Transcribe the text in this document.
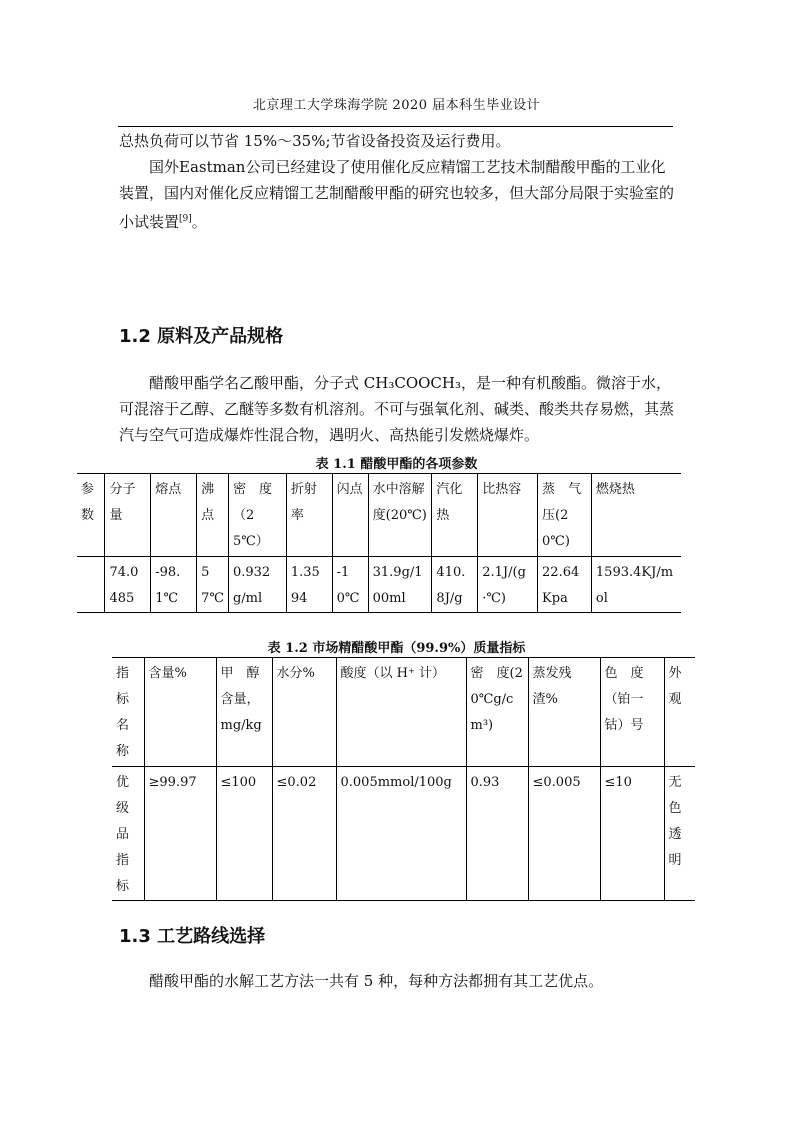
北京理工大学珠海学院 2020 届本科生毕业设计

总热负荷可以节省 15%～35%;节省设备投资及运行费用。

国外Eastman公司已经建设了使用催化反应精馏工艺技术制醋酸甲酯的工业化装置，国内对催化反应精馏工艺制醋酸甲酯的研究也较多，但大部分局限于实验室的小试装置[9]。

1.2 原料及产品规格

醋酸甲酯学名乙酸甲酯，分子式 CH₃COOCH₃，是一种有机酸酯。微溶于水，可混溶于乙醇、乙醚等多数有机溶剂。不可与强氧化剂、碱类、酸类共存易燃，其蒸汽与空气可造成爆炸性混合物，遇明火、高热能引发燃烧爆炸。

表 1.1 醋酸甲酯的各项参数

参数	分子量	熔点	沸点	密　度（25℃）	折射率	闪点	水中溶解度(20℃)	汽化热	比热容	蒸　气压(20℃)	燃烧热
	74.0485	-98.1℃	57℃	0.932g/ml	1.3594	-10℃	31.9g/100ml	410.8J/g	2.1J/(g·℃)	22.64Kpa	1593.4KJ/mol

表 1.2 市场精醋酸甲酯（99.9%）质量指标

指标名称	含量%	甲　醇含量，mg/kg	水分%	酸度（以 H⁺ 计）	密　度(20℃g/cm³)	蒸发残渣%	色　度（铂一钴）号	外观
优级品指标	≥99.97	≤100	≤0.02	0.005mmol/100g	0.93	≤0.005	≤10	无色透明
1.3 工艺路线选择

醋酸甲酯的水解工艺方法一共有 5 种，每种方法都拥有其工艺优点。
